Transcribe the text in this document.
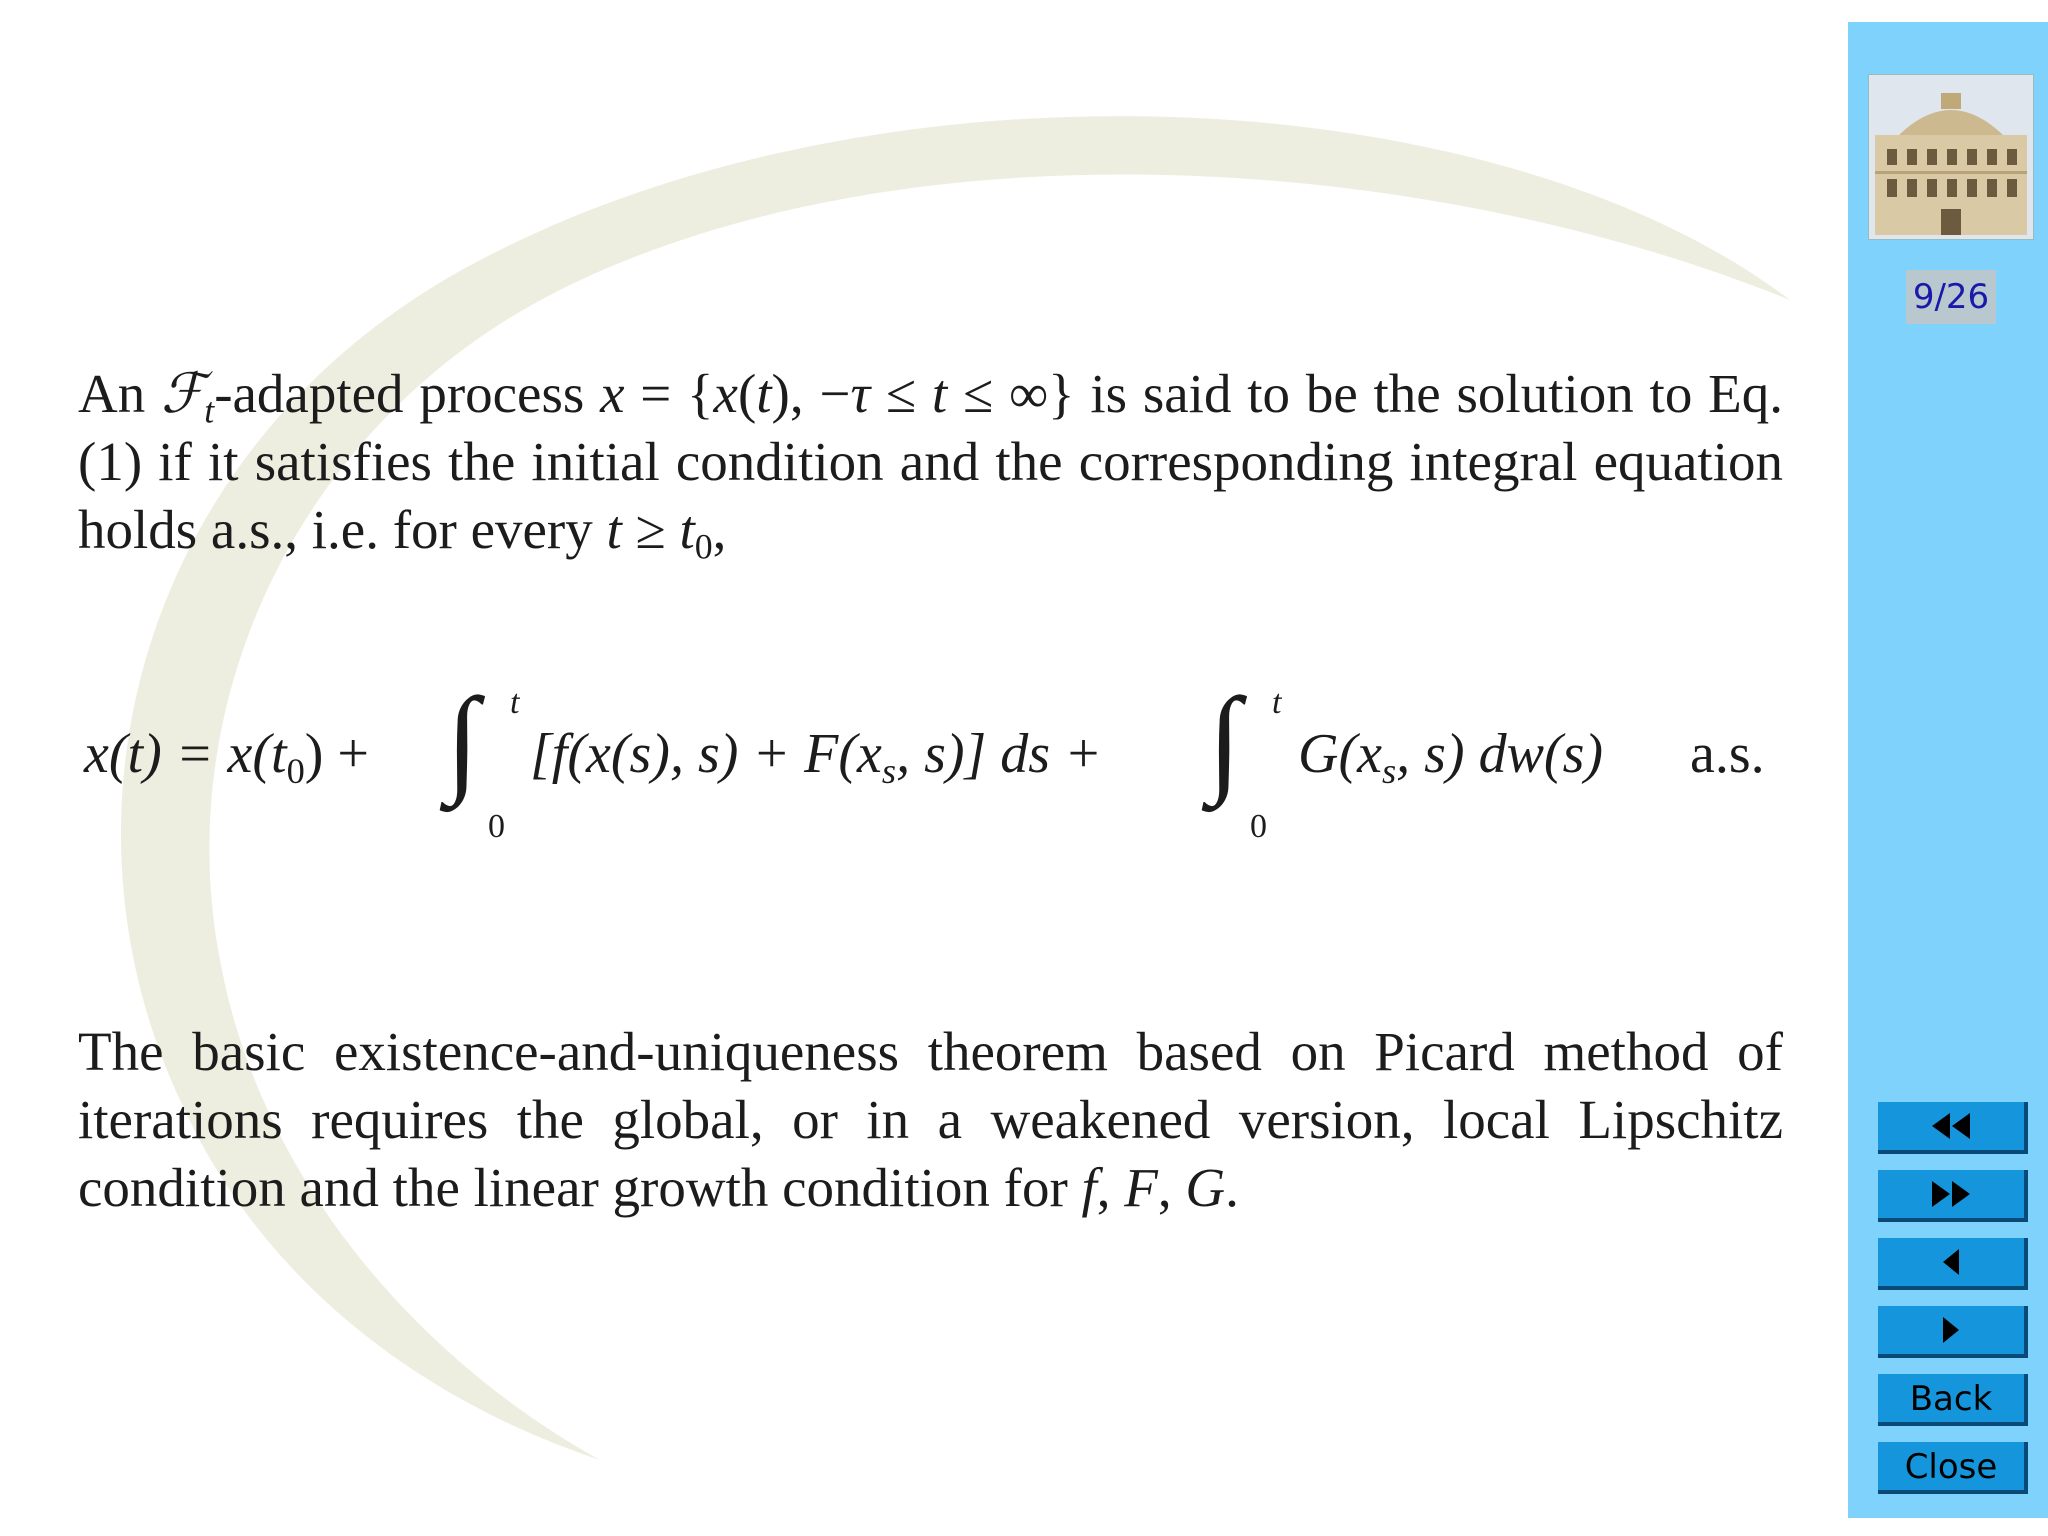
An ℱ$_t$-adapted process x = {x(t), −τ ≤ t ≤ ∞} is said to be the solution to Eq. (1) if it satisfies the initial condition and the corresponding integral equation holds a.s., i.e. for every $t \ge t_0$,
$x(t) = x(t_0)$ + ∫ t
0
[f(x(s), $s) + F(x_s$, s)] ds + ∫ t
0
$G(x_s$, s) dw(s) a.s.
The basic existence-and-uniqueness theorem based on Picard method of iterations requires the global, or in a weakened version, local Lipschitz condition and the linear growth condition for f, F, G.
9/26
Back
Close
